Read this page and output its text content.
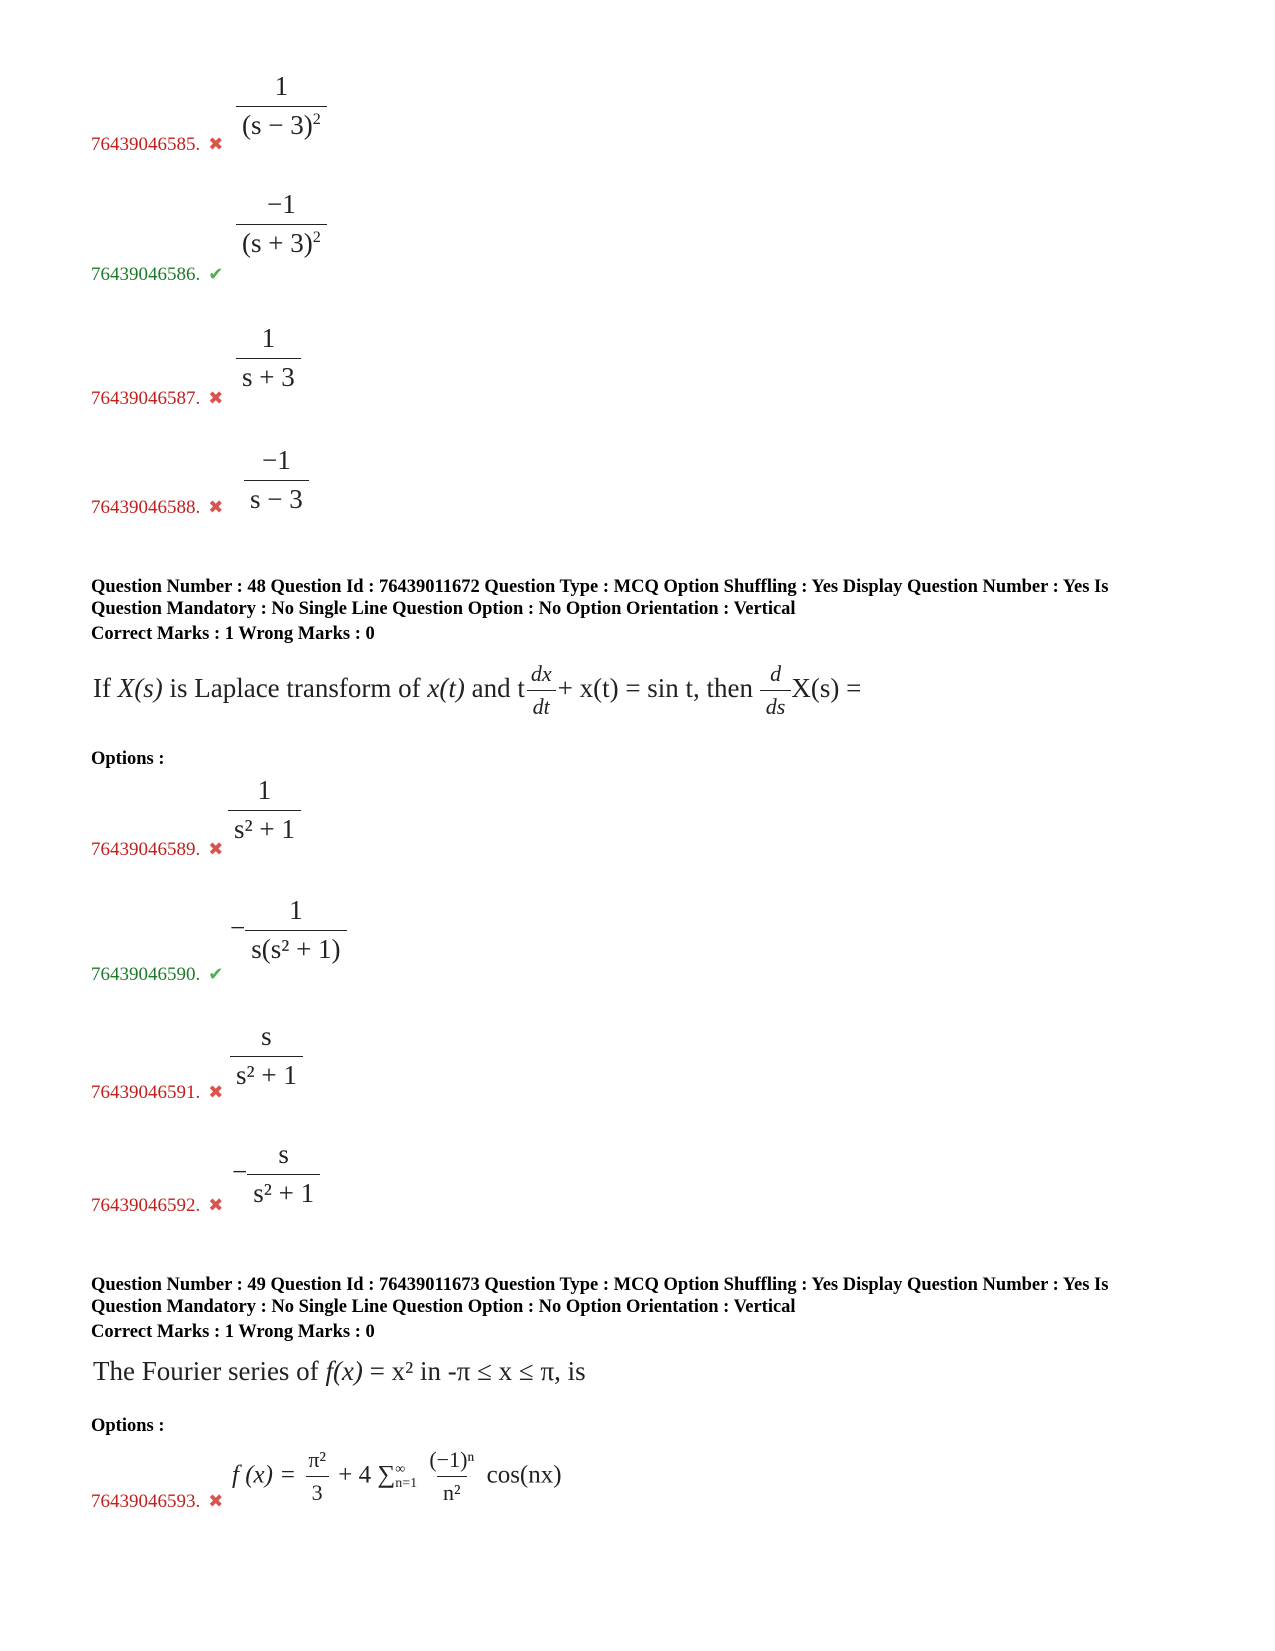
$\frac{1}{(s - 3)^2}$
76439046585. ✖
$\frac{-1}{(s + 3)^2}$
76439046586. ✔
$\frac{1}{s + 3}$
76439046587. ✖
$\frac{-1}{s - 3}$
76439046588. ✖
Question Number : 48 Question Id : 76439011672 Question Type : MCQ Option Shuffling : Yes Display Question Number : Yes Is
Question Mandatory : No Single Line Question Option : No Option Orientation : Vertical
Correct Marks : 1 Wrong Marks : 0
If X(s) is Laplace transform of x(t) and t $\frac{dx}{dt} + x(t) = \sin t$, then $\frac{d}{ds} X(s)$ =
Options :
$\frac{1}{\text{s² + 1}}$
76439046589. ✖
− $\frac{1}{\text{s(s² + 1)}}$
76439046590. ✔
$\frac{s}{\text{s² + 1}}$
76439046591. ✖
− $\frac{s}{\text{s² + 1}}$
76439046592. ✖
Question Number : 49 Question Id : 76439011673 Question Type : MCQ Option Shuffling : Yes Display Question Number : Yes Is
Question Mandatory : No Single Line Question Option : No Option Orientation : Vertical
Correct Marks : 1 Wrong Marks : 0
The Fourier series of f(x) = x² in -π ≤ x ≤ π, is
Options :
f $(x) = \frac{\text{π²}}{3} + 4$ ∑ ∞
n=1
$\frac{\text{(−1)ⁿ}}{\text{n²}} \cos(nx)$
76439046593. ✖
